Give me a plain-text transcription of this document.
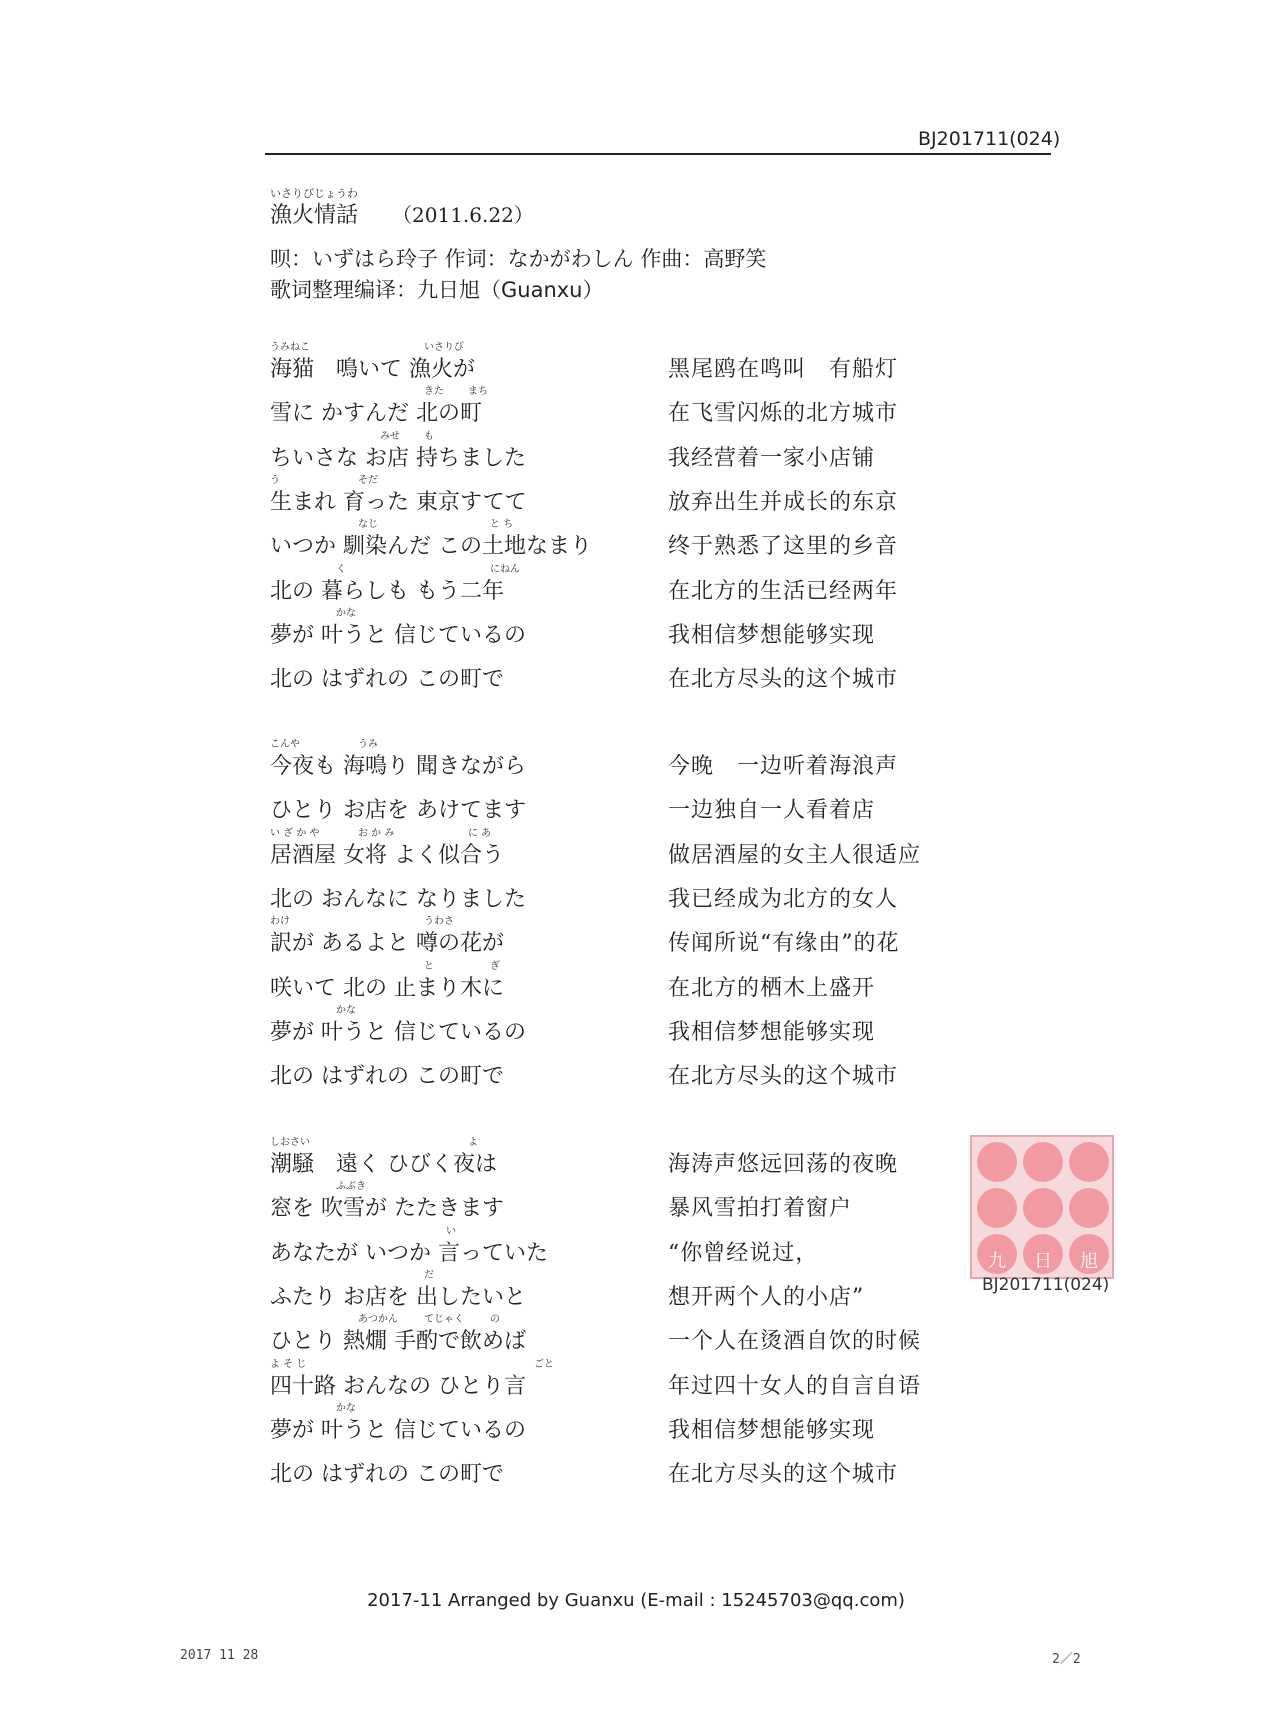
BJ201711(024)
いさりびじょうわ
漁火情話 （2011.6.22）
呗：いずはら玲子 作词：なかがわしん 作曲：高野笑
歌词整理编译：九日旭（Guanxu）
海猫　鳴いて 漁火が	黑尾鸥在鸣叫　有船灯
うみねこ	いさりび
雪に かすんだ 北の町	在飞雪闪烁的北方城市
きた まち
ちいさな お店 持ちました	我经营着一家小店铺
みせ も
生まれ 育った 東京すてて	放弃出生并成长的东京
う	そだ
いつか 馴染んだ この土地なまり	终于熟悉了这里的乡音
なじ	と ち
北の 暮らしも もう二年	在北方的生活已经两年
く	にねん
夢が 叶うと 信じているの	我相信梦想能够实现
かな
北の はずれの この町で	在北方尽头的这个城市
今夜も 海鳴り 聞きながら	今晚　一边听着海浪声
こんや	うみ
ひとり お店を あけてます	一边独自一人看着店
居酒屋 女将 よく似合う	做居酒屋的女主人很适应
い ざ か や	お か み	に あ
北の おんなに なりました	我已经成为北方的女人
訳が あるよと 噂の花が	传闻所说“有缘由”的花
わけ	うわさ
咲いて 北の 止まり木に	在北方的栖木上盛开
と	ぎ
夢が 叶うと 信じているの	我相信梦想能够实现
かな
北の はずれの この町で	在北方尽头的这个城市
潮騒　遠く ひびく夜は	海涛声悠远回荡的夜晚
しおさい	よ
窓を 吹雪が たたきます	暴风雪拍打着窗户
ふぶき
あなたが いつか 言っていた	“你曾经说过，
い
ふたり お店を 出したいと	想开两个人的小店”
だ
ひとり 熱燗 手酌で飲めば	一个人在烫酒自饮的时候
あつかん	てじゃく	の
四十路 おんなの ひとり言	年过四十女人的自言自语
よ そ じ	ごと
夢が 叶うと 信じているの	我相信梦想能够实现
かな
北の はずれの この町で	在北方尽头的这个城市
九	日	旭
BJ201711(024)
2017-11 Arranged by Guanxu (E-mail : 15245703@qq.com)
2017 11 28	2／2
